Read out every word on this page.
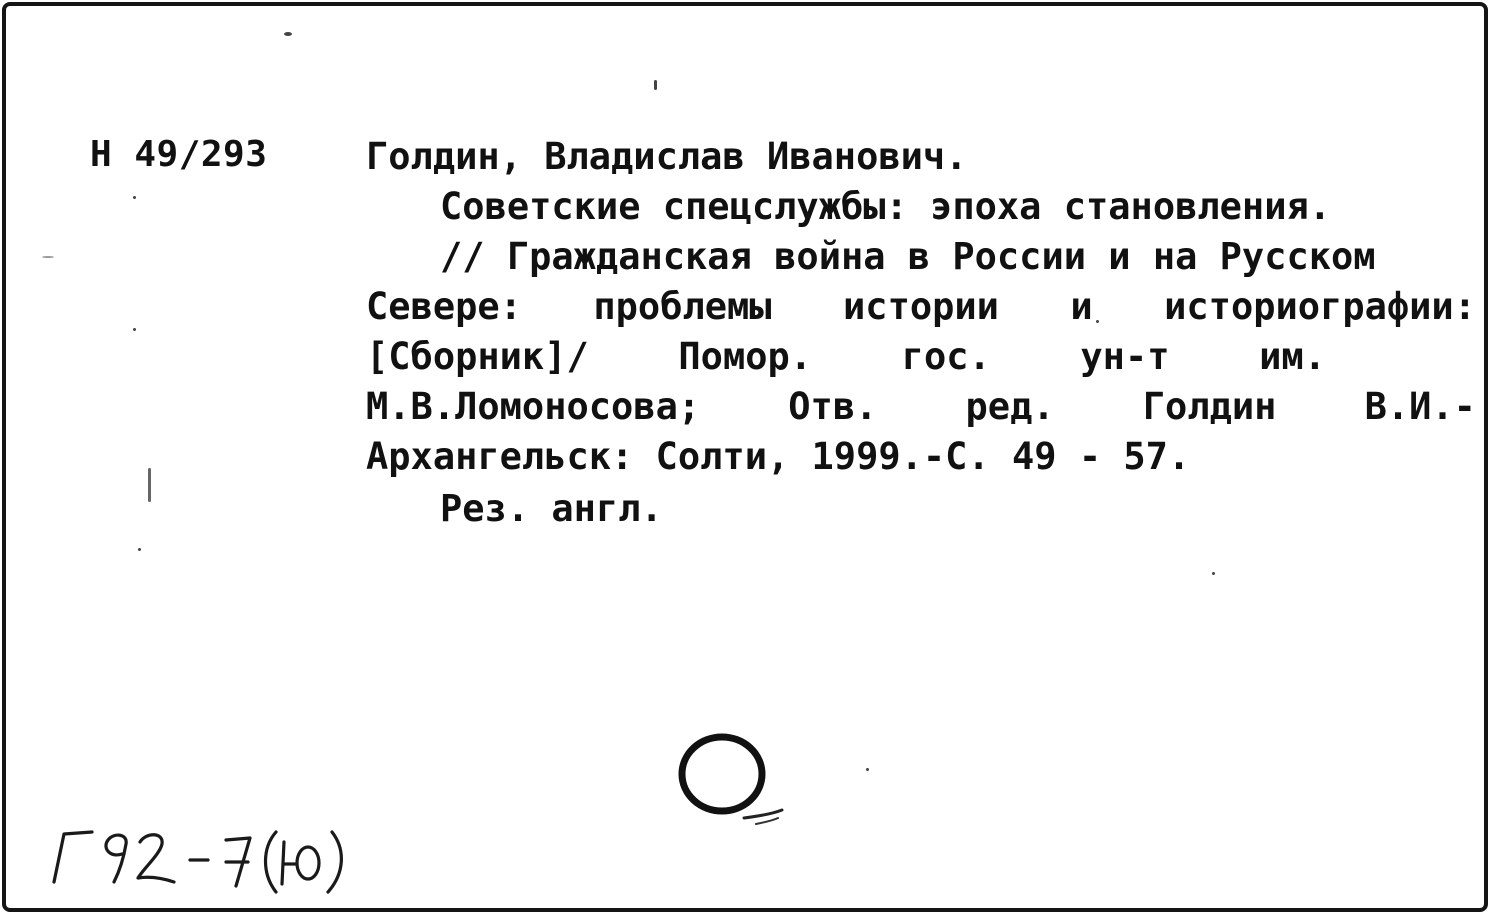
Н 49/293	Голдин, Владислав Иванович.
Советские спецслужбы: эпоха становления.
// Гражданская война в России и на Русском
Севере: проблемы истории и историографии:
[Сборник]/ Помор. гос. ун-т им.
М.В.Ломоносова; Отв. ред. Голдин В.И.-
Архангельск: Солти, 1999.-С. 49 - 57.
Рез. англ.
